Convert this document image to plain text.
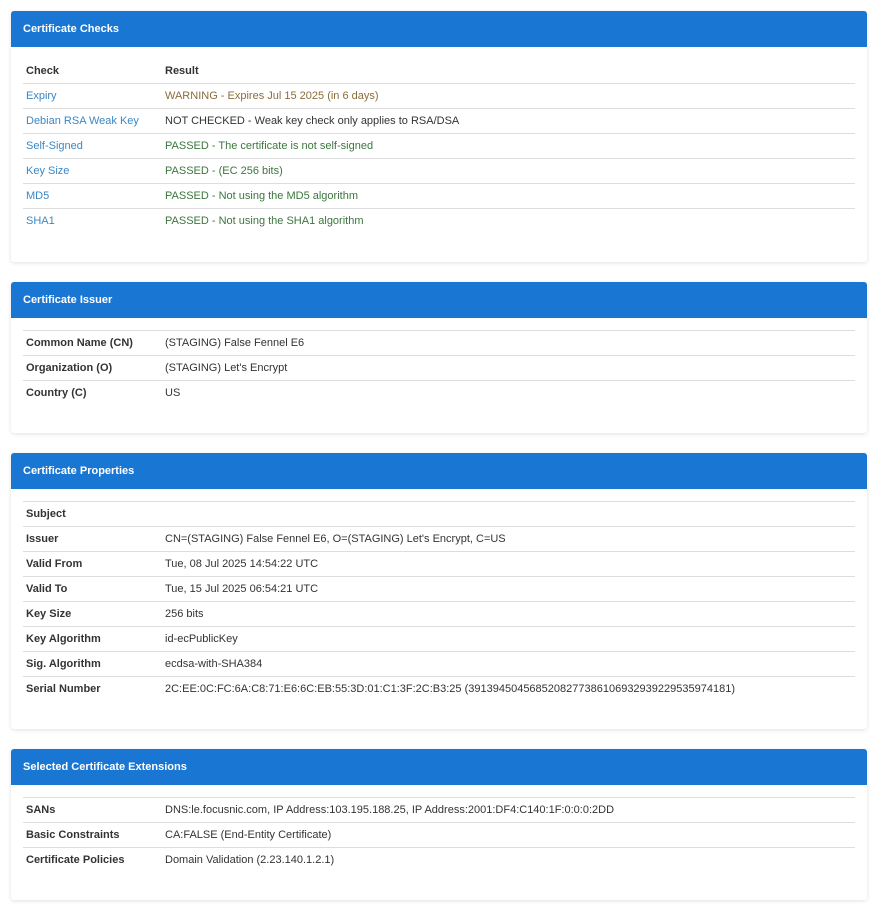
Certificate Checks
Check	Result
Expiry	WARNING - Expires Jul 15 2025 (in 6 days)
Debian RSA Weak Key	NOT CHECKED - Weak key check only applies to RSA/DSA
Self-Signed	PASSED - The certificate is not self-signed
Key Size	PASSED - (EC 256 bits)
MD5	PASSED - Not using the MD5 algorithm
SHA1	PASSED - Not using the SHA1 algorithm
Certificate Issuer
Common Name (CN)	(STAGING) False Fennel E6
Organization (O)	(STAGING) Let's Encrypt
Country (C)	US
Certificate Properties
Subject	
Issuer	CN=(STAGING) False Fennel E6, O=(STAGING) Let's Encrypt, C=US
Valid From	Tue, 08 Jul 2025 14:54:22 UTC
Valid To	Tue, 15 Jul 2025 06:54:21 UTC
Key Size	256 bits
Key Algorithm	id-ecPublicKey
Sig. Algorithm	ecdsa-with-SHA384
Serial Number	2C:EE:0C:FC:6A:C8:71:E6:6C:EB:55:3D:01:C1:3F:2C:B3:25 (391394504568520827738610693293922953597418​1)
Selected Certificate Extensions
SANs	DNS:le.focusnic.com, IP Address:103.195.188.25, IP Address:2001:DF4:C140:1F:0:0:0:2DD
Basic Constraints	CA:FALSE (End-Entity Certificate)
Certificate Policies	Domain Validation (2.23.140.1.2.1)
